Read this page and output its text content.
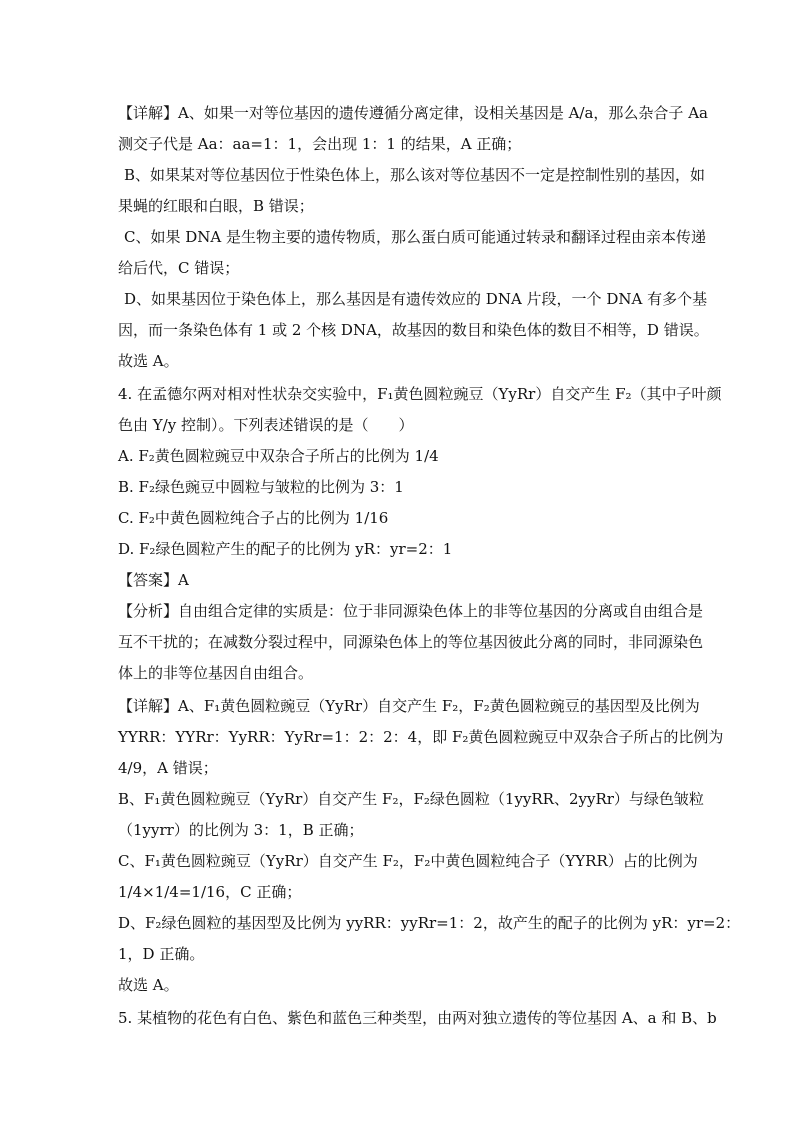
【详解】A、如果一对等位基因的遗传遵循分离定律，设相关基因是 A/a，那么杂合子 Aa
测交子代是 Aa：aa=1：1，会出现 1：1 的结果，A 正确；
B、如果某对等位基因位于性染色体上，那么该对等位基因不一定是控制性别的基因，如
果蝇的红眼和白眼，B 错误；
C、如果 DNA 是生物主要的遗传物质，那么蛋白质可能通过转录和翻译过程由亲本传递
给后代，C 错误；
D、如果基因位于染色体上，那么基因是有遗传效应的 DNA 片段，一个 DNA 有多个基
因，而一条染色体有 1 或 2 个核 DNA，故基因的数目和染色体的数目不相等，D 错误。
故选 A。
4. 在孟德尔两对相对性状杂交实验中，F₁黄色圆粒豌豆（YyRr）自交产生 F₂（其中子叶颜
色由 Y/y 控制）。下列表述错误的是（　　）
A. F₂黄色圆粒豌豆中双杂合子所占的比例为 1/4
B. F₂绿色豌豆中圆粒与皱粒的比例为 3：1
C. F₂中黄色圆粒纯合子占的比例为 1/16
D. F₂绿色圆粒产生的配子的比例为 yR：yr=2：1
【答案】A
【分析】自由组合定律的实质是：位于非同源染色体上的非等位基因的分离或自由组合是
互不干扰的；在减数分裂过程中，同源染色体上的等位基因彼此分离的同时，非同源染色
体上的非等位基因自由组合。
【详解】A、F₁黄色圆粒豌豆（YyRr）自交产生 F₂，F₂黄色圆粒豌豆的基因型及比例为
YYRR：YYRr：YyRR：YyRr=1：2：2：4，即 F₂黄色圆粒豌豆中双杂合子所占的比例为
4/9，A 错误；
B、F₁黄色圆粒豌豆（YyRr）自交产生 F₂，F₂绿色圆粒（1yyRR、2yyRr）与绿色皱粒
（1yyrr）的比例为 3：1，B 正确；
C、F₁黄色圆粒豌豆（YyRr）自交产生 F₂，F₂中黄色圆粒纯合子（YYRR）占的比例为
1/4×1/4=1/16，C 正确；
D、F₂绿色圆粒的基因型及比例为 yyRR：yyRr=1：2，故产生的配子的比例为 yR：yr=2：
1，D 正确。
故选 A。
5. 某植物的花色有白色、紫色和蓝色三种类型，由两对独立遗传的等位基因 A、a 和 B、b
